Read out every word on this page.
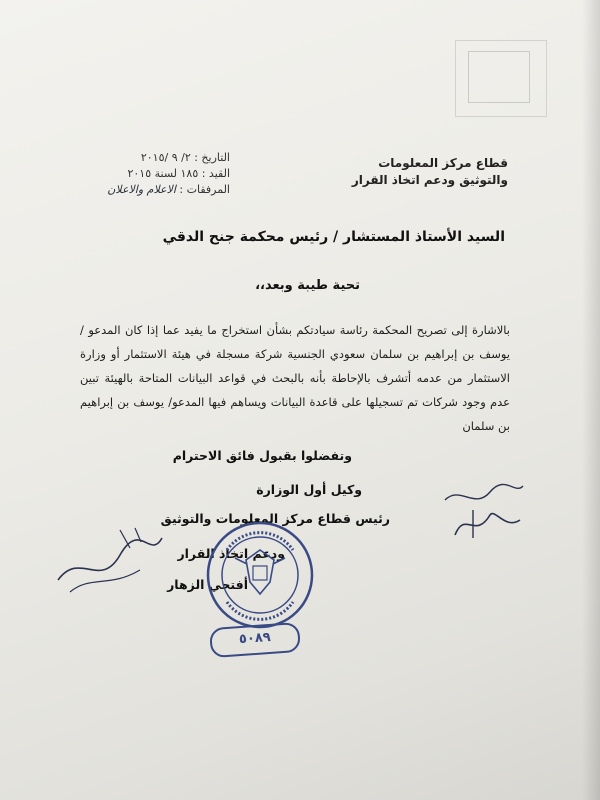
قطاع مركز المعلومات
والتوثيق ودعم اتخاذ القرار
التاريخ : ٢/ ٩ /٢٠١٥
القيد : ١٨٥ لسنة ٢٠١٥
المرفقات : الاعلام والاعلان
السيد الأستاذ المستشار / رئيس محكمة جنح الدقي
تحية طيبة وبعد،،
بالاشارة إلى تصريح المحكمة رئاسة سيادتكم بشأن استخراج ما يفيد عما إذا كان المدعو /يوسف بن إبراهيم بن سلمان سعودي الجنسية شركة مسجلة في هيئة الاستثمار أو وزارة الاستثمار من عدمه أتشرف بالإحاطة بأنه بالبحث في قواعد البيانات المتاحة بالهيئة تبين عدم وجود شركات تم تسجيلها على قاعدة البيانات ويساهم فيها المدعو/ يوسف بن إبراهيم بن سلمان
وتفضلوا بقبول فائق الاحترام
وكيل أول الوزارة
رئيس قطاع مركز المعلومات والتوثيق
ودعم اتخاذ القرار
أفتحي الزهار
٥٠٨٩
